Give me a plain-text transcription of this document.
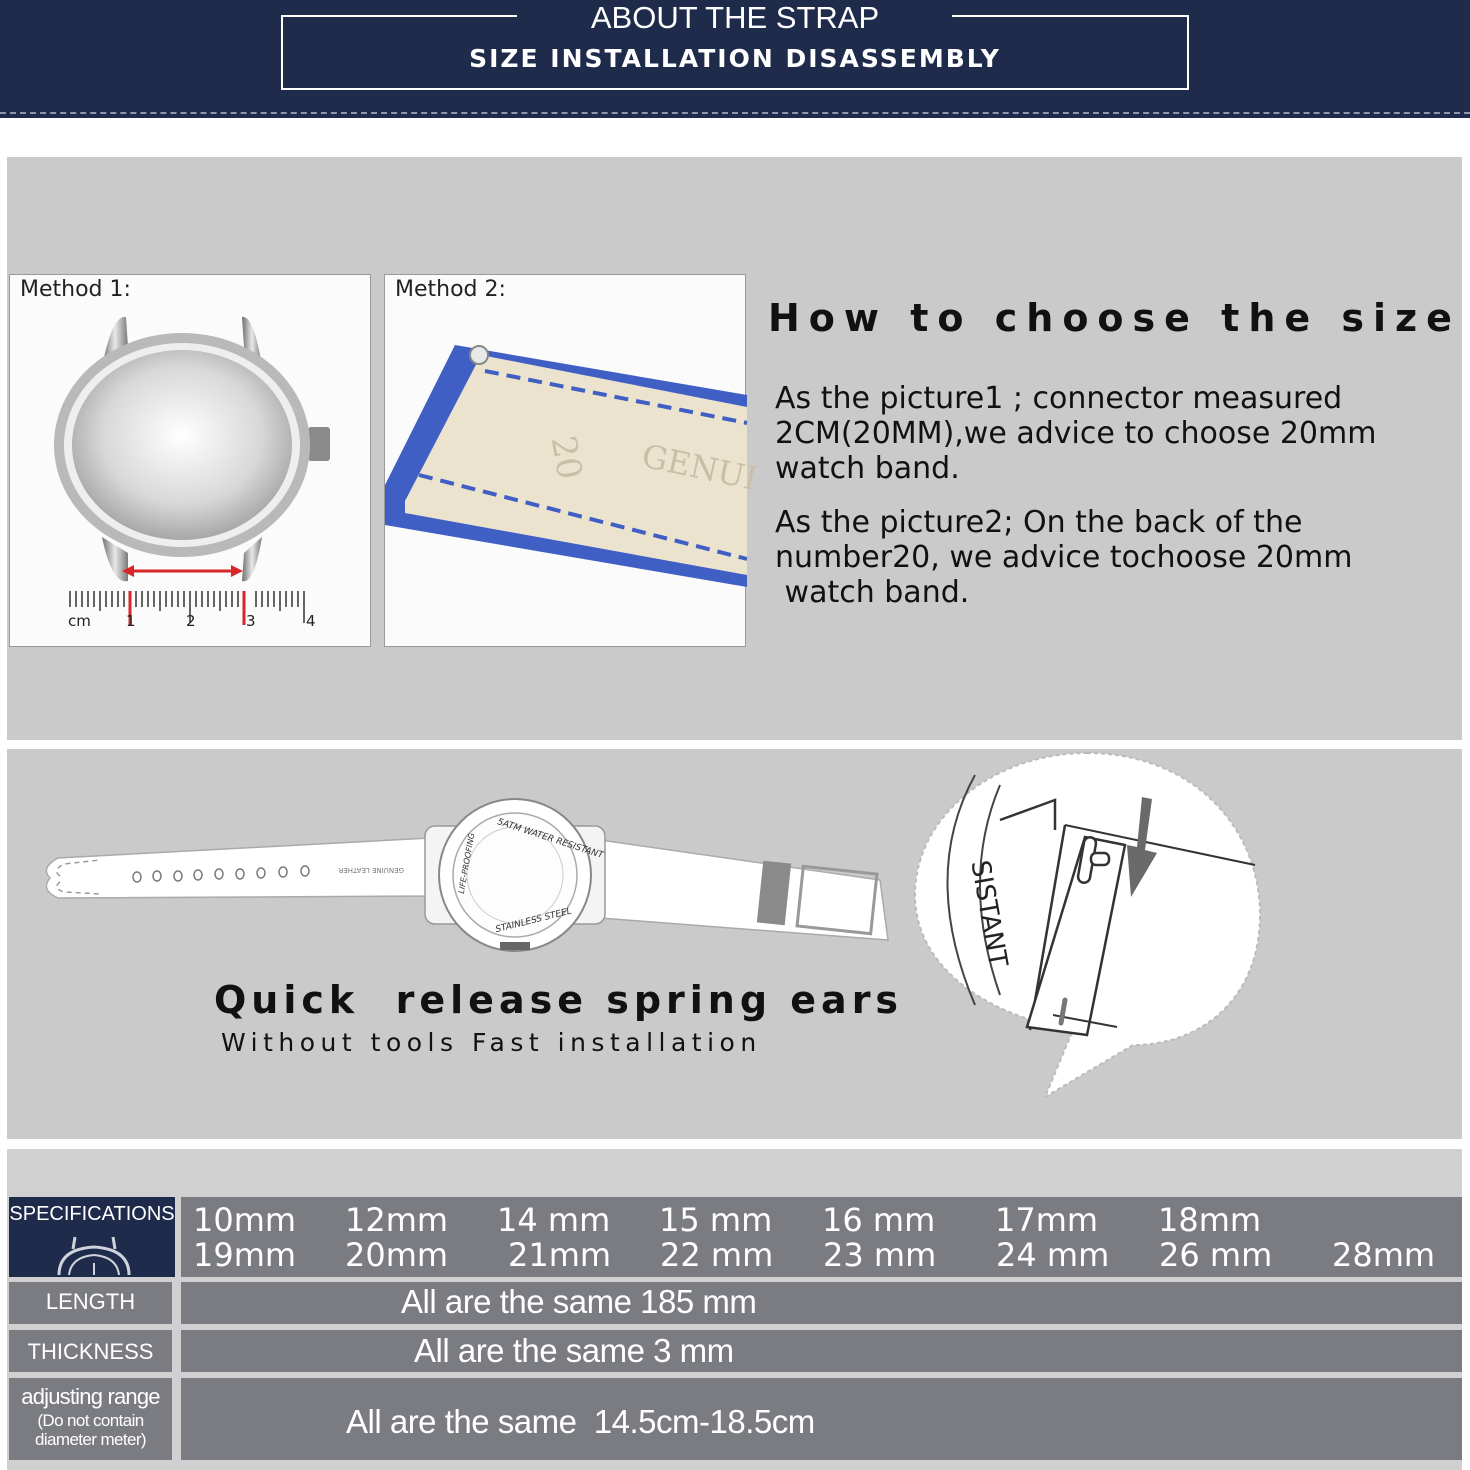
ABOUT THE STRAP
SIZE INSTALLATION DISASSEMBLY
Method 1:
cm 1	2	3	4
Method 2:
20 GENUI
How to choose the size
As the picture1 ; connector measured
2CM(20MM),we advice to choose 20mm
watch band.
As the picture2; On the back of the
number20, we advice tochoose 20mm
watch band.
GENUINE LEATHER
5ATM WATER RESISTANT
STAINLESS STEEL
LIFE-PROOFING	SISTANT
Quick  release spring ears
Without tools Fast installation
SPECIFICATIONS 10mm 12mm 14 mm 15 mm 16 mm 17mm 18mm
19mm 20mm 21mm 22 mm 23 mm 24 mm 26 mm 28mm
LENGTH	All are the same 185 mm
THICKNESS	All are the same 3 mm
adjusting range
(Do not contain
diameter meter)	All are the same  14.5cm-18.5cm
